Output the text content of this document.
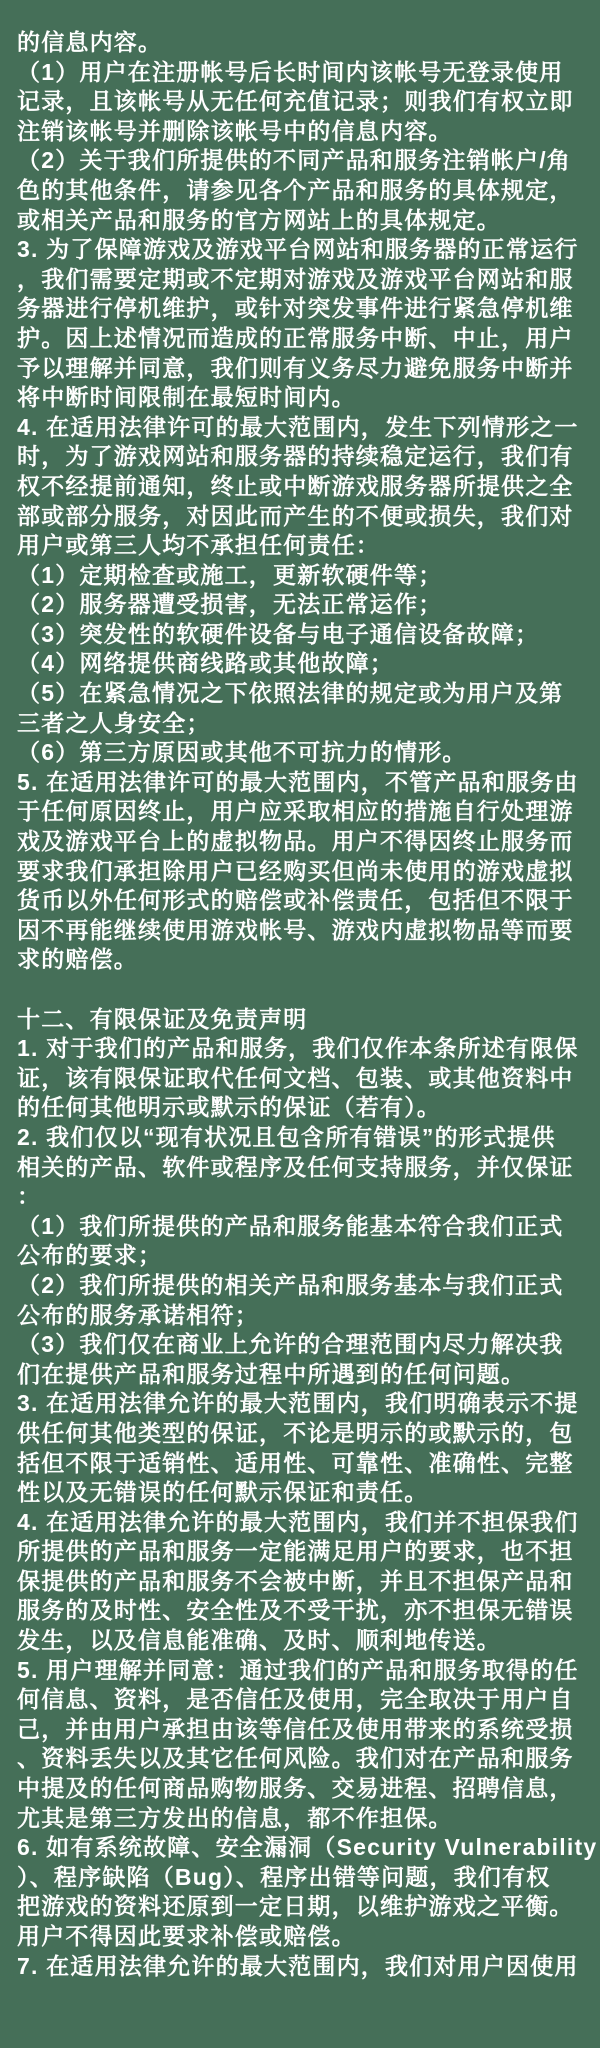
的信息内容。
（1）用户在注册帐号后长时间内该帐号无登录使用
记录，且该帐号从无任何充值记录；则我们有权立即
注销该帐号并删除该帐号中的信息内容。
（2）关于我们所提供的不同产品和服务注销帐户/角
色的其他条件，请参见各个产品和服务的具体规定，
或相关产品和服务的官方网站上的具体规定。
3. 为了保障游戏及游戏平台网站和服务器的正常运行
，我们需要定期或不定期对游戏及游戏平台网站和服
务器进行停机维护，或针对突发事件进行紧急停机维
护。因上述情况而造成的正常服务中断、中止，用户
予以理解并同意，我们则有义务尽力避免服务中断并
将中断时间限制在最短时间内。
4. 在适用法律许可的最大范围内，发生下列情形之一
时，为了游戏网站和服务器的持续稳定运行，我们有
权不经提前通知，终止或中断游戏服务器所提供之全
部或部分服务，对因此而产生的不便或损失，我们对
用户或第三人均不承担任何责任：
（1）定期检查或施工，更新软硬件等；
（2）服务器遭受损害，无法正常运作；
（3）突发性的软硬件设备与电子通信设备故障；
（4）网络提供商线路或其他故障；
（5）在紧急情况之下依照法律的规定或为用户及第
三者之人身安全；
（6）第三方原因或其他不可抗力的情形。
5. 在适用法律许可的最大范围内，不管产品和服务由
于任何原因终止，用户应采取相应的措施自行处理游
戏及游戏平台上的虚拟物品。用户不得因终止服务而
要求我们承担除用户已经购买但尚未使用的游戏虚拟
货币以外任何形式的赔偿或补偿责任，包括但不限于
因不再能继续使用游戏帐号、游戏内虚拟物品等而要
求的赔偿。
十二、有限保证及免责声明
1. 对于我们的产品和服务，我们仅作本条所述有限保
证，该有限保证取代任何文档、包装、或其他资料中
的任何其他明示或默示的保证（若有）。
2. 我们仅以“现有状况且包含所有错误”的形式提供
相关的产品、软件或程序及任何支持服务，并仅保证
：
（1）我们所提供的产品和服务能基本符合我们正式
公布的要求；
（2）我们所提供的相关产品和服务基本与我们正式
公布的服务承诺相符；
（3）我们仅在商业上允许的合理范围内尽力解决我
们在提供产品和服务过程中所遇到的任何问题。
3. 在适用法律允许的最大范围内，我们明确表示不提
供任何其他类型的保证，不论是明示的或默示的，包
括但不限于适销性、适用性、可靠性、准确性、完整
性以及无错误的任何默示保证和责任。
4. 在适用法律允许的最大范围内，我们并不担保我们
所提供的产品和服务一定能满足用户的要求，也不担
保提供的产品和服务不会被中断，并且不担保产品和
服务的及时性、安全性及不受干扰，亦不担保无错误
发生，以及信息能准确、及时、顺利地传送。
5. 用户理解并同意：通过我们的产品和服务取得的任
何信息、资料，是否信任及使用，完全取决于用户自
己，并由用户承担由该等信任及使用带来的系统受损
、资料丢失以及其它任何风险。我们对在产品和服务
中提及的任何商品购物服务、交易进程、招聘信息，
尤其是第三方发出的信息，都不作担保。
6. 如有系统故障、安全漏洞（Security Vulnerability
）、程序缺陷（Bug）、程序出错等问题，我们有权
把游戏的资料还原到一定日期，以维护游戏之平衡。
用户不得因此要求补偿或赔偿。
7. 在适用法律允许的最大范围内，我们对用户因使用
